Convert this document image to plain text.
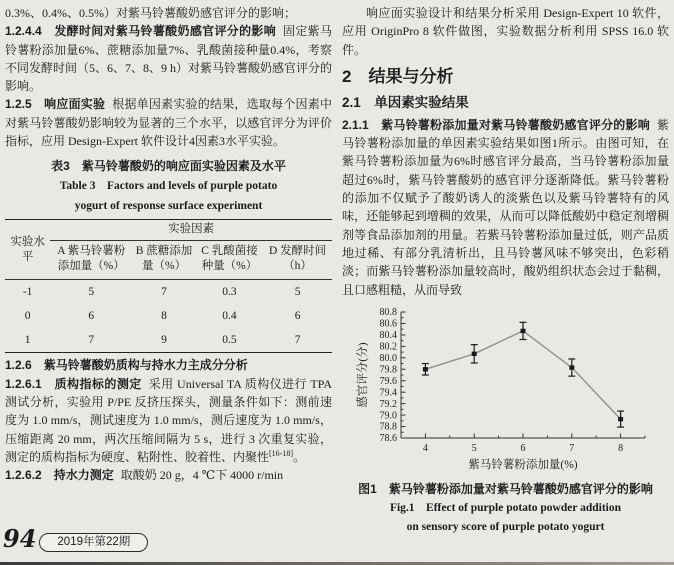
0.3%、0.4%、0.5%）对紫马铃薯酸奶感官评分的影响；

1.2.4.4　发酵时间对紫马铃薯酸奶感官评分的影响 固定紫马铃薯粉添加量6%、蔗糖添加量7%、乳酸菌接种量0.4%，考察不同发酵时间（5、6、7、8、9 h）对紫马铃薯酸奶感官评分的影响。

1.2.5　响应面实验 根据单因素实验的结果，选取每个因素中对紫马铃薯酸奶影响较为显著的三个水平，以感官评分为评价指标，应用 Design-Expert 软件设计4因素3水平实验。

表3　紫马铃薯酸奶的响应面实验因素及水平
Table 3　Factors and levels of purple potato
yogurt of response surface experiment
实验水平	实验因素			
	A 紫马铃薯粉添加量（%）	B 蔗糖添加量（%）	C 乳酸菌接种量（%）	D 发酵时间（h）
-1	5	7	0.3	5
0	6	8	0.4	6
1	7	9	0.5	7

1.2.6　紫马铃薯酸奶质构与持水力主成分分析

1.2.6.1　质构指标的测定 采用 Universal TA 质构仪进行 TPA 测试分析，实验用 P/PE 反挤压探头，测量条件如下：测前速度为 1.0 mm/s，测试速度为 1.0 mm/s，测后速度为 1.0 mm/s，压缩距离 20 mm，两次压缩间隔为 5 s，进行 3 次重复实验，测定的质构指标为硬度、粘附性、胶着性、内聚性[16-18]。

1.2.6.2　持水力测定 取酸奶 20 g，4 ℃下 4000 r/min

响应面实验设计和结果分析采用 Design-Expert 10 软件，应用 OriginPro 8 软件做图，实验数据分析利用 SPSS 16.0 软件。

2　结果与分析
2.1　单因素实验结果

2.1.1　紫马铃薯粉添加量对紫马铃薯酸奶感官评分的影响 紫马铃薯粉添加量的单因素实验结果如图1所示。由图可知，在紫马铃薯粉添加量为6%时感官评分最高，当马铃薯粉添加量超过6%时，紫马铃薯酸奶的感官评分逐渐降低。紫马铃薯粉的添加不仅赋予了酸奶诱人的淡紫色以及紫马铃薯特有的风味，还能够起到增稠的效果，从而可以降低酸奶中稳定剂增稠剂等食品添加剂的用量。若紫马铃薯粉添加量过低，则产品质地过稀、有部分乳清析出，且马铃薯风味不够突出，色彩稍淡；而紫马铃薯粉添加量较高时，酸奶组织状态会过于黏稠，且口感粗糙，从而导致

78.6
78.8
79.0
79.2
79.4
79.6
79.8
80.0
80.2
80.4
80.6
80.8
4	5	6	7	8
紫马铃薯粉添加量(%)
感官评分(分)
图1　紫马铃薯粉添加量对紫马铃薯酸奶感官评分的影响
Fig.1　Effect of purple potato powder addition
on sensory score of purple potato yogurt
94	2019年第22期
